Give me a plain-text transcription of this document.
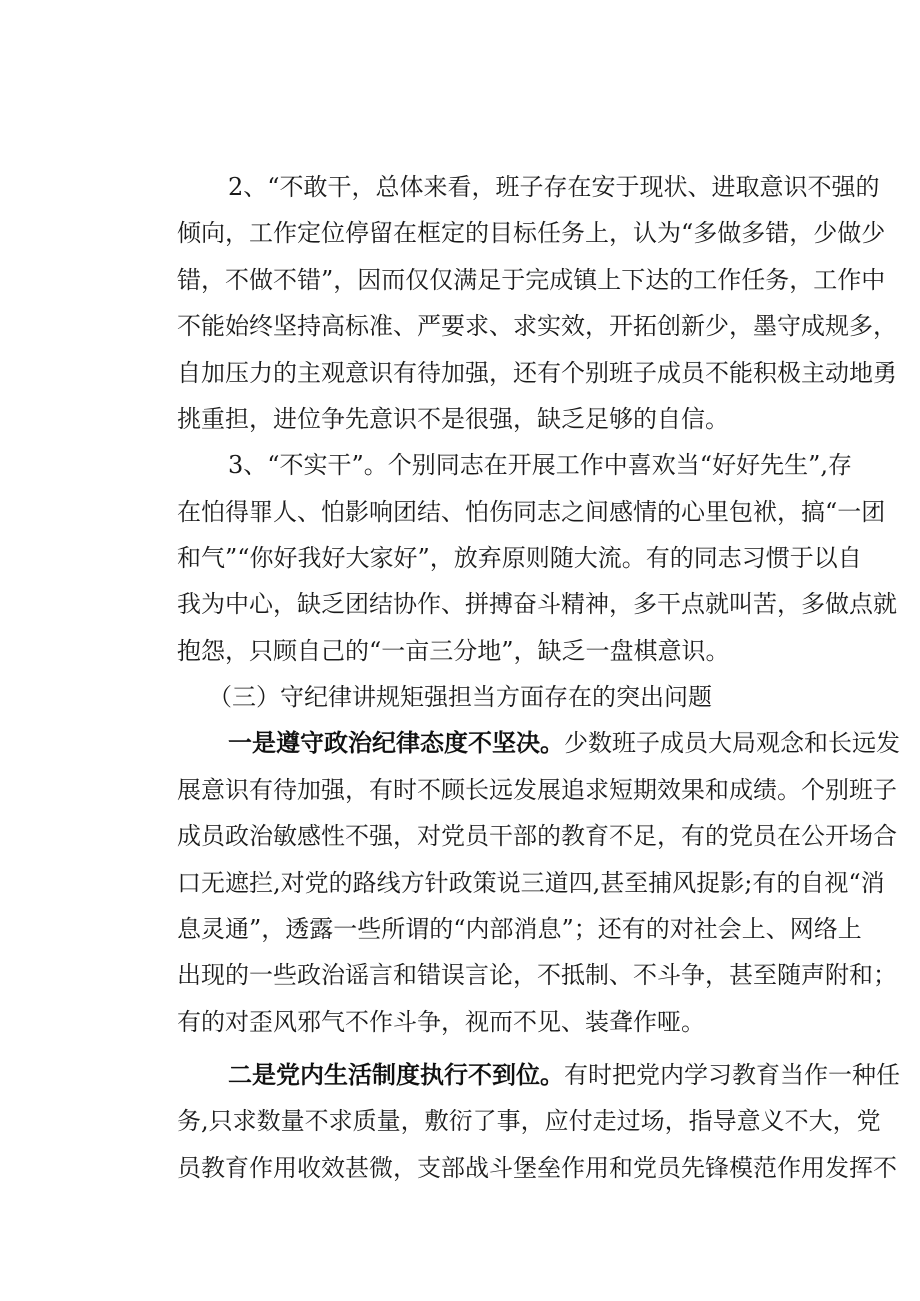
2、“不敢干，总体来看，班子存在安于现状、进取意识不强的
倾向，工作定位停留在框定的目标任务上，认为“多做多错，少做少
错，不做不错”，因而仅仅满足于完成镇上下达的工作任务，工作中
不能始终坚持高标准、严要求、求实效，开拓创新少，墨守成规多，
自加压力的主观意识有待加强，还有个别班子成员不能积极主动地勇
挑重担，进位争先意识不是很强，缺乏足够的自信。
3、“不实干”。个别同志在开展工作中喜欢当“好好先生”,存
在怕得罪人、怕影响团结、怕伤同志之间感情的心里包袱，搞“一团
和气”“你好我好大家好”，放弃原则随大流。有的同志习惯于以自
我为中心，缺乏团结协作、拼搏奋斗精神，多干点就叫苦，多做点就
抱怨，只顾自己的“一亩三分地”，缺乏一盘棋意识。
（三）守纪律讲规矩强担当方面存在的突出问题
一是遵守政治纪律态度不坚决。少数班子成员大局观念和长远发
展意识有待加强，有时不顾长远发展追求短期效果和成绩。个别班子
成员政治敏感性不强，对党员干部的教育不足，有的党员在公开场合
口无遮拦,对党的路线方针政策说三道四,甚至捕风捉影;有的自视“消
息灵通”，透露一些所谓的“内部消息”；还有的对社会上、网络上
出现的一些政治谣言和错误言论，不抵制、不斗争，甚至随声附和；
有的对歪风邪气不作斗争，视而不见、装聋作哑。
二是党内生活制度执行不到位。有时把党内学习教育当作一种任
务,只求数量不求质量，敷衍了事，应付走过场，指导意义不大，党
员教育作用收效甚微，支部战斗堡垒作用和党员先锋模范作用发挥不
